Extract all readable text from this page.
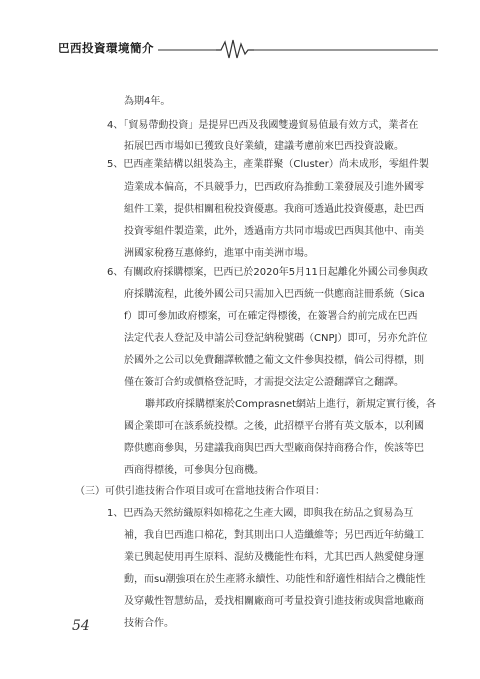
巴西投資環境簡介
為期4年。
4、「貿易帶動投資」是提昇巴西及我國雙邊貿易值最有效方式，業者在
拓展巴西市場如已獲致良好業績，建議考慮前來巴西投資設廠。
5、巴西產業結構以組裝為主，產業群聚（Cluster）尚未成形，零組件製
造業成本偏高，不具競爭力，巴西政府為推動工業發展及引進外國零
組件工業，提供相關租稅投資優惠。我商可透過此投資優惠，赴巴西
投資零組件製造業，此外，透過南方共同市場或巴西與其他中、南美
洲國家稅務互惠條約，進軍中南美洲市場。
6、有關政府採購標案，巴西已於2020年5月11日起離化外國公司參與政
府採購流程，此後外國公司只需加入巴西統一供應商註冊系統（Sica
f）即可參加政府標案，可在確定得標後，在簽署合約前完成在巴西
法定代表人登記及申請公司登記納稅號碼（CNPJ）即可，另亦允許位
於國外之公司以免費翻譯軟體之葡文文件參與投標，倘公司得標，則
僅在簽訂合約或價格登記時，才需提交法定公證翻譯官之翻譯。
聯邦政府採購標案於Comprasnet網站上進行，新規定實行後，各
國企業即可在該系統投標。之後，此招標平台將有英文版本，以利國
際供應商參與，另建議我商與巴西大型廠商保持商務合作，俟該等巴
西商得標後，可參與分包商機。
（三）可供引進技術合作項目或可在當地技術合作項目：
1、巴西為天然紡織原料如棉花之生產大國，即與我在紡品之貿易為互
補，我自巴西進口棉花，對其則出口人造纖維等；另巴西近年紡織工
業已興起使用再生原料、混紡及機能性布料，尤其巴西人熱愛健身運
動，而su潮強項在於生產將永續性、功能性和舒適性相結合之機能性
及穿戴性智慧紡品，爰找相關廠商可考量投資引進技術或與當地廠商
技術合作。
54
